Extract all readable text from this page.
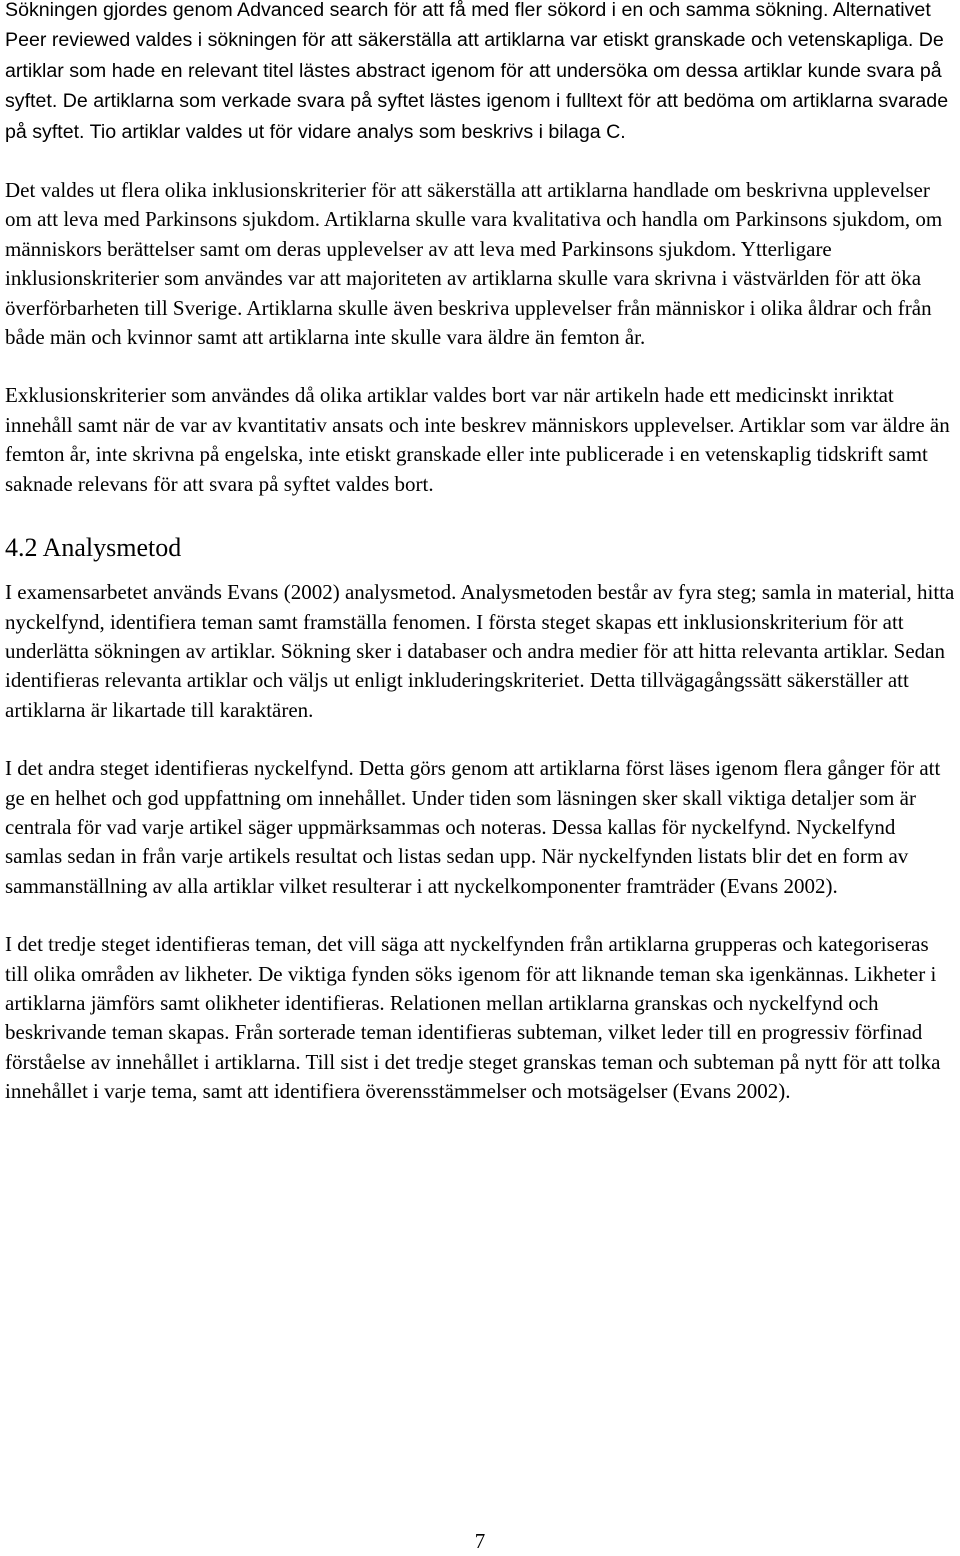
Sökningen gjordes genom Advanced search för att få med fler sökord i en och samma sökning. Alternativet Peer reviewed valdes i sökningen för att säkerställa att artiklarna var etiskt granskade och vetenskapliga. De artiklar som hade en relevant titel lästes abstract igenom för att undersöka om dessa artiklar kunde svara på syftet. De artiklarna som verkade svara på syftet lästes igenom i fulltext för att bedöma om artiklarna svarade på syftet. Tio artiklar valdes ut för vidare analys som beskrivs i bilaga C.

Det valdes ut flera olika inklusionskriterier för att säkerställa att artiklarna handlade om beskrivna upplevelser om att leva med Parkinsons sjukdom. Artiklarna skulle vara kvalitativa och handla om Parkinsons sjukdom, om människors berättelser samt om deras upplevelser av att leva med Parkinsons sjukdom. Ytterligare inklusionskriterier som användes var att majoriteten av artiklarna skulle vara skrivna i västvärlden för att öka överförbarheten till Sverige. Artiklarna skulle även beskriva upplevelser från människor i olika åldrar och från både män och kvinnor samt att artiklarna inte skulle vara äldre än femton år.

Exklusionskriterier som användes då olika artiklar valdes bort var när artikeln hade ett medicinskt inriktat innehåll samt när de var av kvantitativ ansats och inte beskrev människors upplevelser. Artiklar som var äldre än femton år, inte skrivna på engelska, inte etiskt granskade eller inte publicerade i en vetenskaplig tidskrift samt saknade relevans för att svara på syftet valdes bort.

4.2 Analysmetod

I examensarbetet används Evans (2002) analysmetod. Analysmetoden består av fyra steg; samla in material, hitta nyckelfynd, identifiera teman samt framställa fenomen. I första steget skapas ett inklusionskriterium för att underlätta sökningen av artiklar. Sökning sker i databaser och andra medier för att hitta relevanta artiklar. Sedan identifieras relevanta artiklar och väljs ut enligt inkluderingskriteriet. Detta tillvägagångssätt säkerställer att artiklarna är likartade till karaktären.

I det andra steget identifieras nyckelfynd. Detta görs genom att artiklarna först läses igenom flera gånger för att ge en helhet och god uppfattning om innehållet. Under tiden som läsningen sker skall viktiga detaljer som är centrala för vad varje artikel säger uppmärksammas och noteras. Dessa kallas för nyckelfynd. Nyckelfynd samlas sedan in från varje artikels resultat och listas sedan upp. När nyckelfynden listats blir det en form av sammanställning av alla artiklar vilket resulterar i att nyckelkomponenter framträder (Evans 2002).

I det tredje steget identifieras teman, det vill säga att nyckelfynden från artiklarna grupperas och kategoriseras till olika områden av likheter. De viktiga fynden söks igenom för att liknande teman ska igenkännas. Likheter i artiklarna jämförs samt olikheter identifieras. Relationen mellan artiklarna granskas och nyckelfynd och beskrivande teman skapas. Från sorterade teman identifieras subteman, vilket leder till en progressiv förfinad förståelse av innehållet i artiklarna. Till sist i det tredje steget granskas teman och subteman på nytt för att tolka innehållet i varje tema, samt att identifiera överensstämmelser och motsägelser (Evans 2002).

7
